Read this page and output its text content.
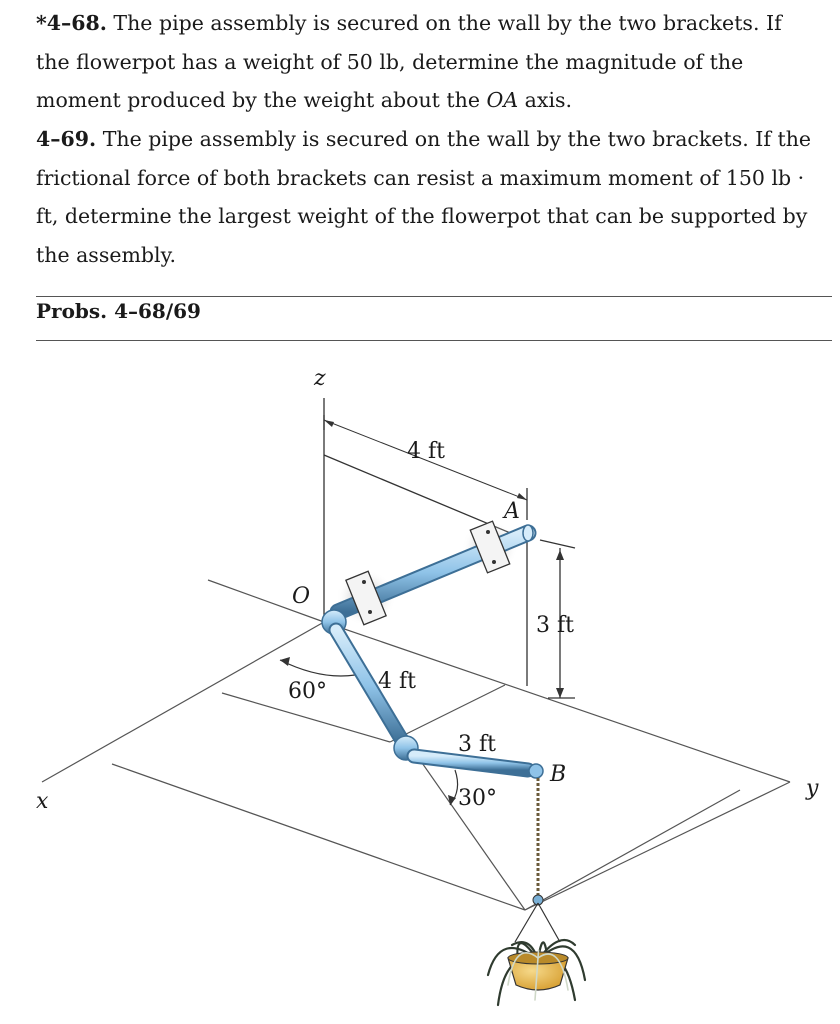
*4–68. The pipe assembly is secured on the wall by the two brackets. If the flowerpot has a weight of 50 lb, determine the magnitude of the moment produced by the weight about the OA axis.

4–69. The pipe assembly is secured on the wall by the two brackets. If the frictional force of both brackets can resist a maximum moment of 150 lb · ft, determine the largest weight of the flowerpot that can be supported by the assembly.

Probs. 4–68/69

z
x
y
O
A
B
4 ft
3 ft
4 ft
3 ft
60°
30°
